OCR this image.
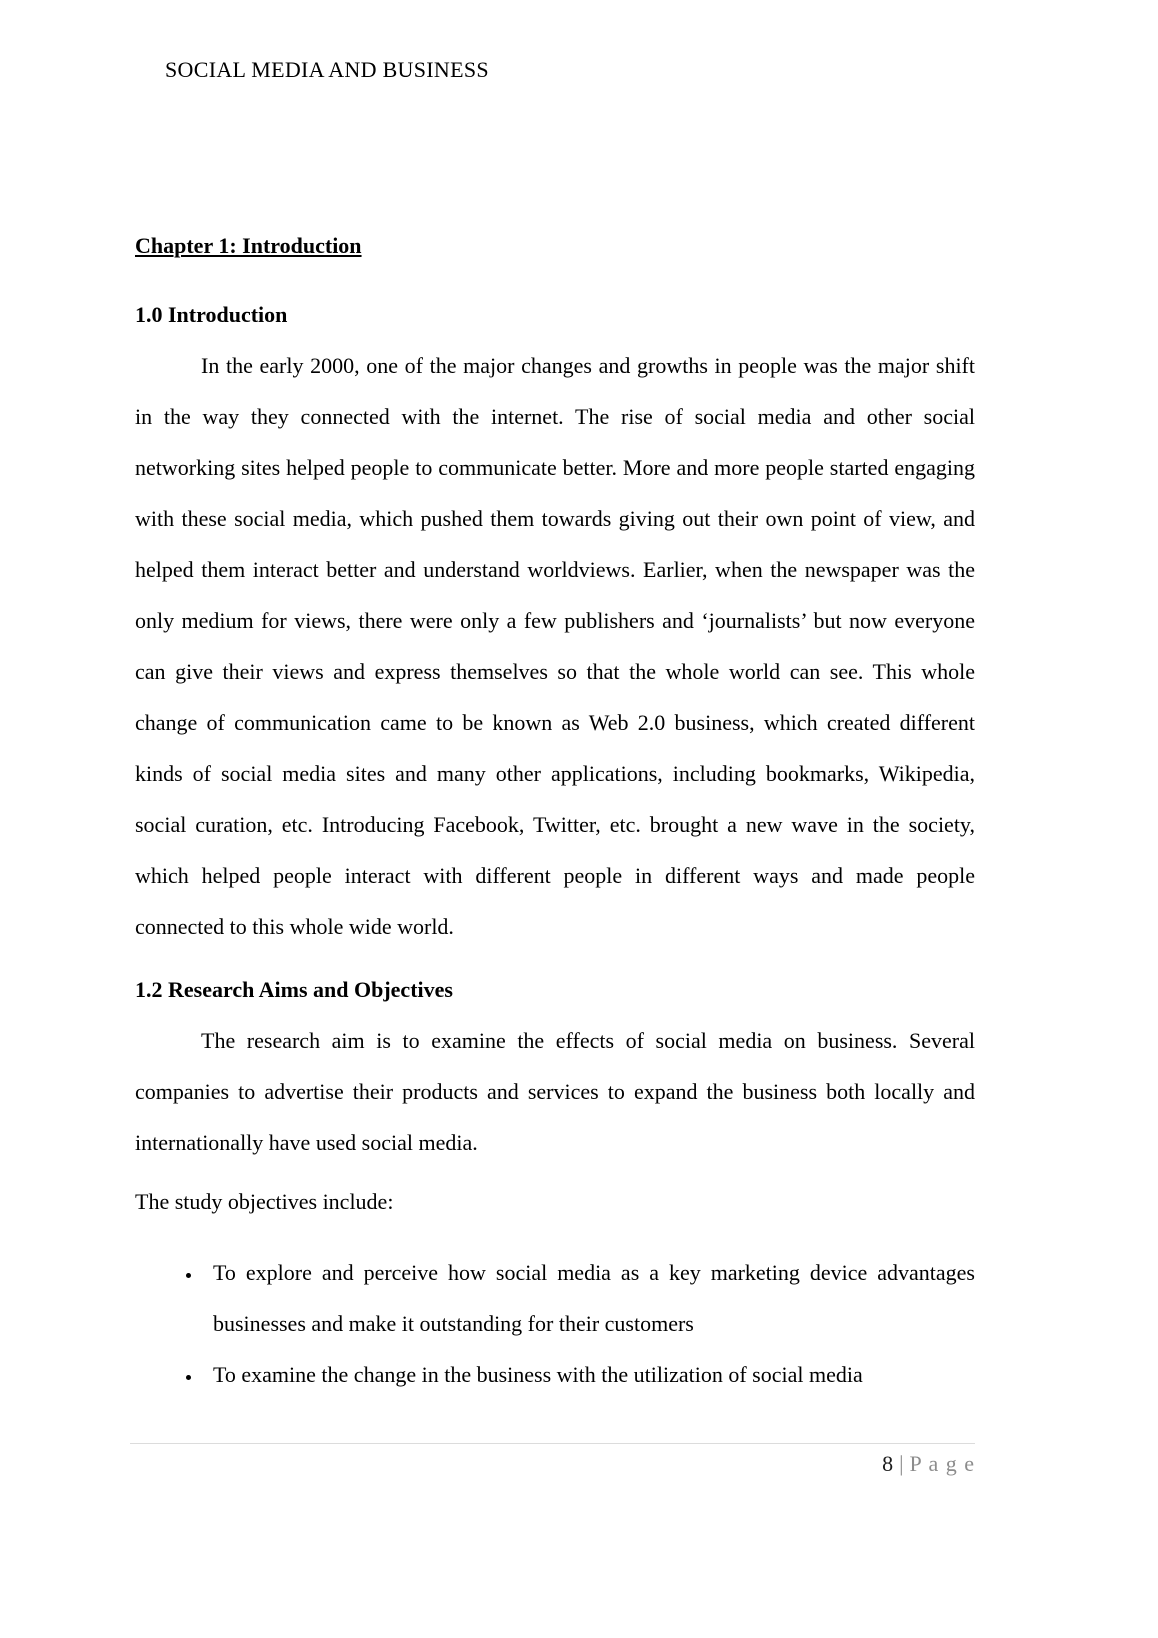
SOCIAL MEDIA AND BUSINESS
Chapter 1: Introduction
1.0 Introduction

In the early 2000, one of the major changes and growths in people was the major shift in the way they connected with the internet. The rise of social media and other social networking sites helped people to communicate better. More and more people started engaging with these social media, which pushed them towards giving out their own point of view, and helped them interact better and understand worldviews. Earlier, when the newspaper was the only medium for views, there were only a few publishers and ‘journalists’ but now everyone can give their views and express themselves so that the whole world can see. This whole change of communication came to be known as Web 2.0 business, which created different kinds of social media sites and many other applications, including bookmarks, Wikipedia, social curation, etc. Introducing Facebook, Twitter, etc. brought a new wave in the society, which helped people interact with different people in different ways and made people connected to this whole wide world.

1.2 Research Aims and Objectives

The research aim is to examine the effects of social media on business. Several companies to advertise their products and services to expand the business both locally and internationally have used social media.

The study objectives include:

• To explore and perceive how social media as a key marketing device advantages businesses and make it outstanding for their customers
• To examine the change in the business with the utilization of social media
8 | P a g e
